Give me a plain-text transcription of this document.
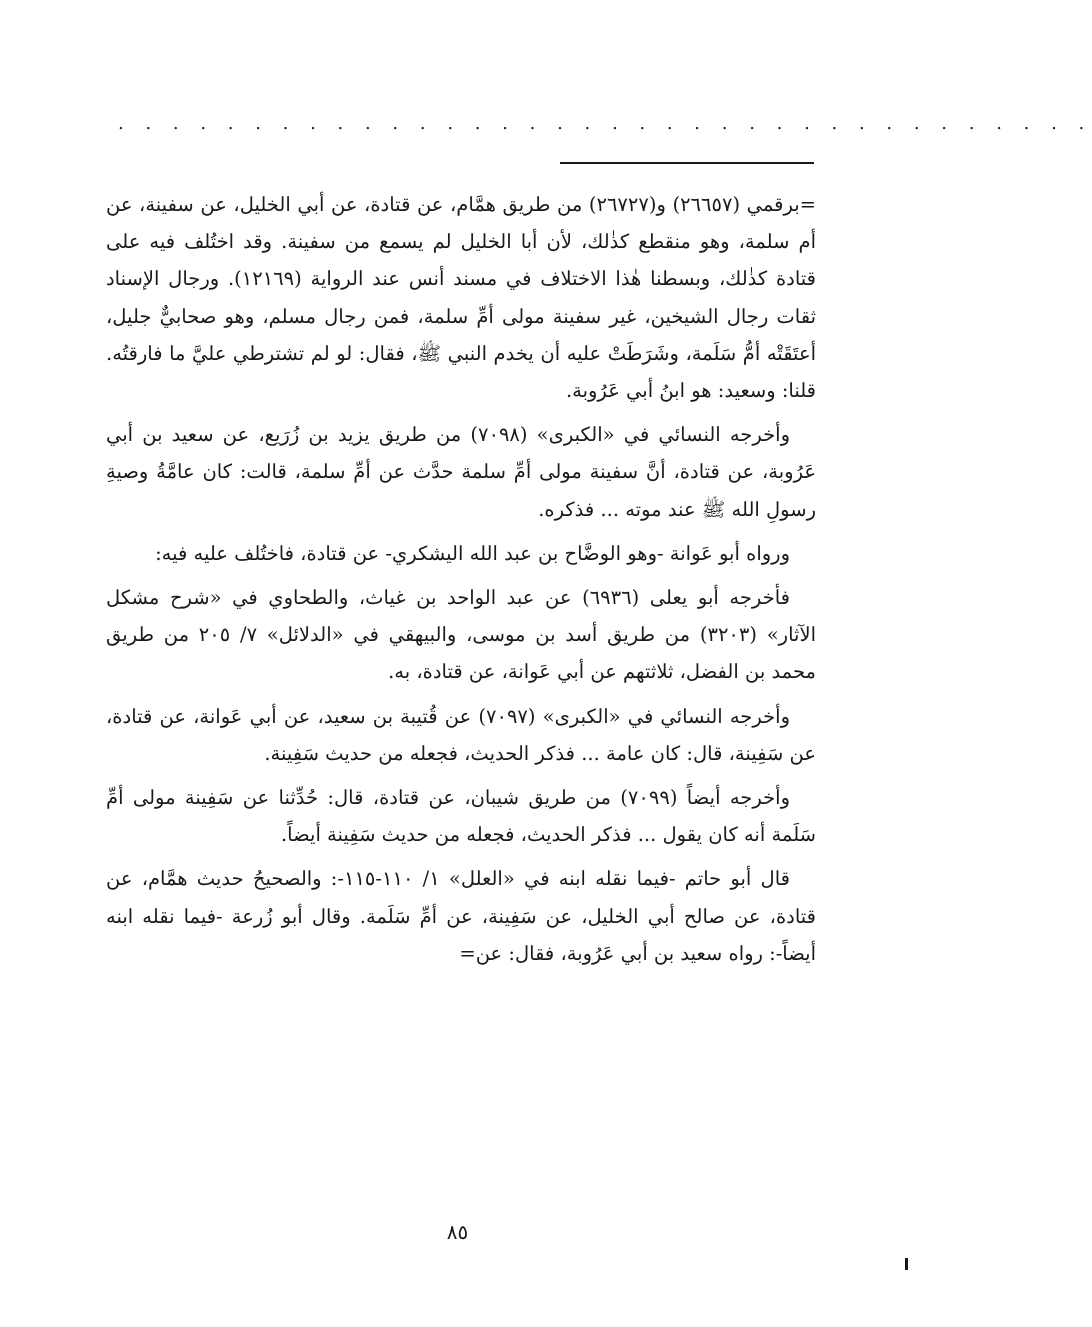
. . . . . . . . . . . . . . . . . . . . . . . . . . . . . . . . . . . .

=برقمي (٢٦٦٥٧) و(٢٦٧٢٧) من طريق همَّام، عن قتادة، عن أبي الخليل، عن سفينة، عن أم سلمة، وهو منقطع كذٰلك، لأن أبا الخليل لم يسمع من سفينة. وقد اختُلف فيه على قتادة كذٰلك، وبسطنا هٰذا الاختلاف في مسند أنس عند الرواية (١٢١٦٩). ورجال الإسناد ثقات رجال الشيخين، غير سفينة مولى أمِّ سلمة، فمن رجال مسلم، وهو صحابيٌّ جليل، أعتَقَتْه أمُّ سَلَمة، وشَرَطَتْ عليه أن يخدم النبي ﷺ، فقال: لو لم تشترطي عليَّ ما فارقتُه. قلنا: وسعيد: هو ابنُ أبي عَرُوبة.

وأخرجه النسائي في «الكبرى» (٧٠٩٨) من طريق يزيد بن زُرَيع، عن سعيد بن أبي عَرُوبة، عن قتادة، أنَّ سفينة مولى أمِّ سلمة حدَّث عن أمِّ سلمة، قالت: كان عامَّةُ وصيةِ رسولِ الله ﷺ عند موته ... فذكره.

ورواه أبو عَوانة -وهو الوضَّاح بن عبد الله اليشكري- عن قتادة، فاختُلف عليه فيه:

فأخرجه أبو يعلى (٦٩٣٦) عن عبد الواحد بن غياث، والطحاوي في «شرح مشكل الآثار» (٣٢٠٣) من طريق أسد بن موسى، والبيهقي في «الدلائل» ٧/ ٢٠٥ من طريق محمد بن الفضل، ثلاثتهم عن أبي عَوانة، عن قتادة، به.

وأخرجه النسائي في «الكبرى» (٧٠٩٧) عن قُتيبة بن سعيد، عن أبي عَوانة، عن قتادة، عن سَفِينة، قال: كان عامة ... فذكر الحديث، فجعله من حديث سَفِينة.

وأخرجه أيضاً (٧٠٩٩) من طريق شيبان، عن قتادة، قال: حُدِّثنا عن سَفِينة مولى أمِّ سَلَمة أنه كان يقول ... فذكر الحديث، فجعله من حديث سَفِينة أيضاً.

قال أبو حاتم -فيما نقله ابنه في «العلل» ١/ ١١٠-١١٥-: والصحيحُ حديث همَّام، عن قتادة، عن صالح أبي الخليل، عن سَفِينة، عن أمِّ سَلَمة. وقال أبو زُرعة -فيما نقله ابنه أيضاً-: رواه سعيد بن أبي عَرُوبة، فقال: عن=

٨٥
